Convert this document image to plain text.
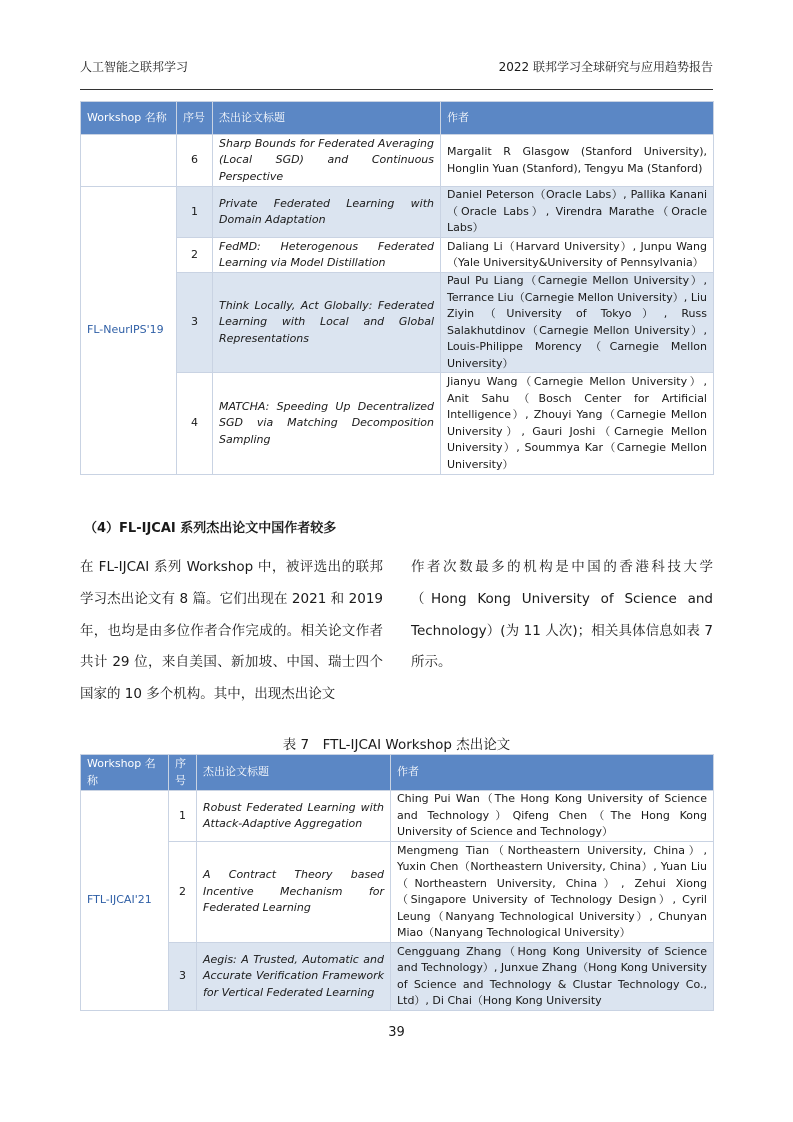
人工智能之联邦学习	2022 联邦学习全球研究与应用趋势报告
Workshop 名称	序号	杰出论文标题	作者
	6	Sharp Bounds for Federated Averaging (Local SGD) and Continuous Perspective	Margalit R Glasgow (Stanford University), Honglin Yuan (Stanford), Tengyu Ma (Stanford)
FL-NeurIPS'19	1	Private Federated Learning with Domain Adaptation	Daniel Peterson（Oracle Labs）, Pallika Kanani（Oracle Labs）, Virendra Marathe（Oracle Labs）
	2	FedMD: Heterogenous Federated Learning via Model Distillation	Daliang Li（Harvard University）, Junpu Wang（Yale University&University of Pennsylvania）
	3	Think Locally, Act Globally: Federated Learning with Local and Global Representations	Paul Pu Liang（Carnegie Mellon University）, Terrance Liu（Carnegie Mellon University）, Liu Ziyin（University of Tokyo）, Russ Salakhutdinov（Carnegie Mellon University）, Louis-Philippe Morency（Carnegie Mellon University）
	4	MATCHA: Speeding Up Decentralized SGD via Matching Decomposition Sampling	Jianyu Wang（Carnegie Mellon University）, Anit Sahu（Bosch Center for Artificial Intelligence）, Zhouyi Yang（Carnegie Mellon University）, Gauri Joshi（Carnegie Mellon University）, Soummya Kar（Carnegie Mellon University）
（4）FL-IJCAI 系列杰出论文中国作者较多
在 FL-IJCAI 系列 Workshop 中，被评选出的联邦学习杰出论文有 8 篇。它们出现在 2021 和 2019 年，也均是由多位作者合作完成的。相关论文作者共计 29 位，来自美国、新加坡、中国、瑞士四个国家的 10 多个机构。其中，出现杰出论文
作者次数最多的机构是中国的香港科技大学（Hong Kong University of Science and Technology）(为 11 人次)；相关具体信息如表 7 所示。
表 7　FTL-IJCAI Workshop 杰出论文
Workshop 名称	序号	杰出论文标题	作者
FTL-IJCAI'21	1	Robust Federated Learning with Attack-Adaptive Aggregation	Ching Pui Wan（The Hong Kong University of Science and Technology）Qifeng Chen（The Hong Kong University of Science and Technology）
	2	A Contract Theory based Incentive Mechanism for Federated Learning	Mengmeng Tian（Northeastern University, China）, Yuxin Chen（Northeastern University, China）, Yuan Liu（Northeastern University, China）, Zehui Xiong（Singapore University of Technology Design）, Cyril Leung（Nanyang Technological University）, Chunyan Miao（Nanyang Technological University）
	3	Aegis: A Trusted, Automatic and Accurate Verification Framework for Vertical Federated Learning	Cengguang Zhang（Hong Kong University of Science and Technology）, Junxue Zhang（Hong Kong University of Science and Technology & Clustar Technology Co., Ltd）, Di Chai（Hong Kong University
39
